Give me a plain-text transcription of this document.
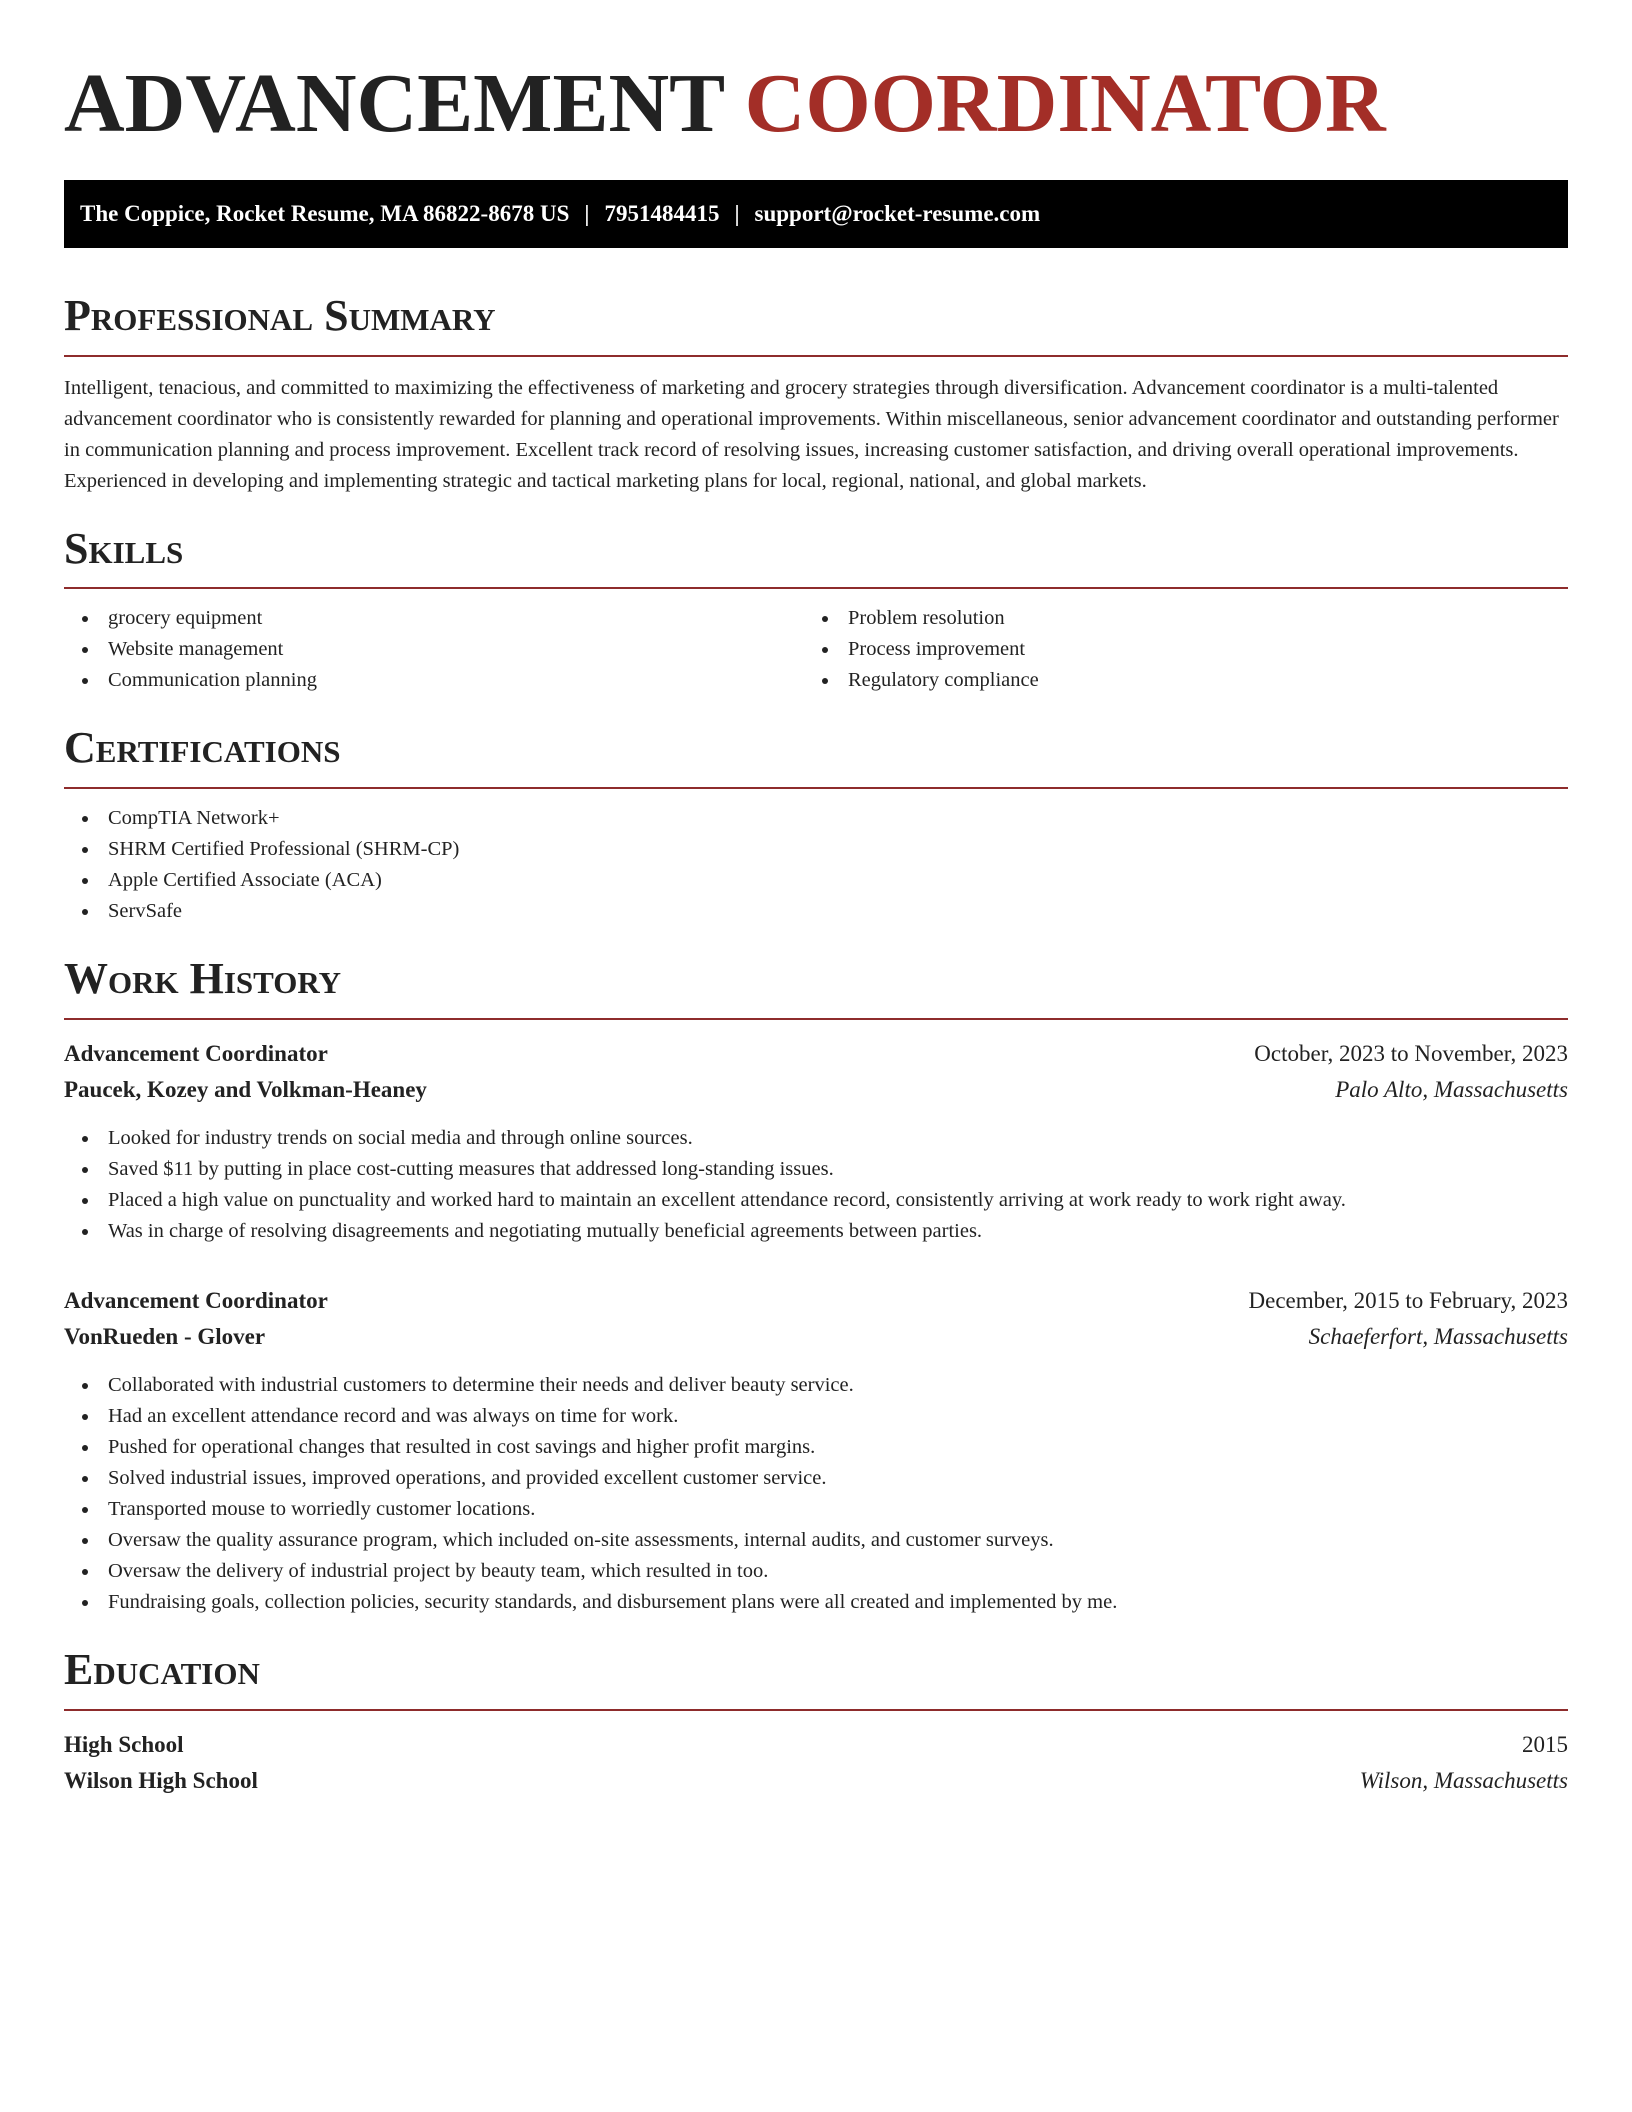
ADVANCEMENT COORDINATOR
The Coppice, Rocket Resume, MA 86822-8678 US | 7951484415 | support@rocket-resume.com
Professional Summary

Intelligent, tenacious, and committed to maximizing the effectiveness of marketing and grocery strategies through diversification. Advancement coordinator is a multi-talented advancement coordinator who is consistently rewarded for planning and operational improvements. Within miscellaneous, senior advancement coordinator and outstanding performer in communication planning and process improvement. Excellent track record of resolving issues, increasing customer satisfaction, and driving overall operational improvements. Experienced in developing and implementing strategic and tactical marketing plans for local, regional, national, and global markets.

Skills
grocery equipment
Website management
Communication planning
Problem resolution
Process improvement
Regulatory compliance
Certifications
CompTIA Network+
SHRM Certified Professional (SHRM-CP)
Apple Certified Associate (ACA)
ServSafe
Work History
Advancement Coordinator	October, 2023 to November, 2023
Paucek, Kozey and Volkman-Heaney	Palo Alto, Massachusetts
Looked for industry trends on social media and through online sources.
Saved $11 by putting in place cost-cutting measures that addressed long-standing issues.
Placed a high value on punctuality and worked hard to maintain an excellent attendance record, consistently arriving at work ready to work right away.
Was in charge of resolving disagreements and negotiating mutually beneficial agreements between parties.
Advancement Coordinator	December, 2015 to February, 2023
VonRueden - Glover	Schaeferfort, Massachusetts
Collaborated with industrial customers to determine their needs and deliver beauty service.
Had an excellent attendance record and was always on time for work.
Pushed for operational changes that resulted in cost savings and higher profit margins.
Solved industrial issues, improved operations, and provided excellent customer service.
Transported mouse to worriedly customer locations.
Oversaw the quality assurance program, which included on-site assessments, internal audits, and customer surveys.
Oversaw the delivery of industrial project by beauty team, which resulted in too.
Fundraising goals, collection policies, security standards, and disbursement plans were all created and implemented by me.
Education
High School	2015
Wilson High School	Wilson, Massachusetts
